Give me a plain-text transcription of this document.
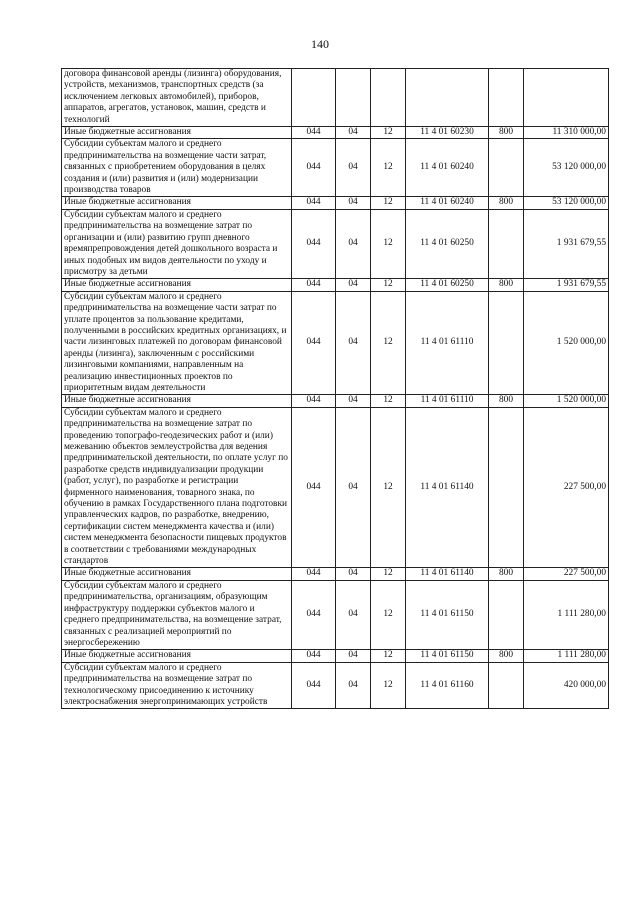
140
договора финансовой аренды (лизинга) оборудования, устройств, механизмов, транспортных средств (за исключением легковых автомобилей), приборов, аппаратов, агрегатов, установок, машин, средств и технологий						
Иные бюджетные ассигнования	044	04	12	11 4 01 60230	800	11 310 000,00
Субсидии субъектам малого и среднего предпринимательства на возмещение части затрат, связанных с приобретением оборудования в целях создания и (или) развития и (или) модернизации производства товаров	044	04	12	11 4 01 60240		53 120 000,00
Иные бюджетные ассигнования	044	04	12	11 4 01 60240	800	53 120 000,00
Субсидии субъектам малого и среднего предпринимательства на возмещение затрат по организации и (или) развитию групп дневного времяпрепровождения детей дошкольного возраста и иных подобных им видов деятельности по уходу и присмотру за детьми	044	04	12	11 4 01 60250		1 931 679,55
Иные бюджетные ассигнования	044	04	12	11 4 01 60250	800	1 931 679,55
Субсидии субъектам малого и среднего предпринимательства на возмещение части затрат по уплате процентов за пользование кредитами, полученными в российских кредитных организациях, и части лизинговых платежей по договорам финансовой аренды (лизинга), заключенным с российскими лизинговыми компаниями, направленным на реализацию инвестиционных проектов по приоритетным видам деятельности	044	04	12	11 4 01 61110		1 520 000,00
Иные бюджетные ассигнования	044	04	12	11 4 01 61110	800	1 520 000,00
Субсидии субъектам малого и среднего предпринимательства на возмещение затрат по проведению топографо-геодезических работ и (или) межеванию объектов землеустройства для ведения предпринимательской деятельности, по оплате услуг по разработке средств индивидуализации продукции (работ, услуг), по разработке и регистрации фирменного наименования, товарного знака, по обучению в рамках Государственного плана подготовки управленческих кадров, по разработке, внедрению, сертификации систем менеджмента качества и (или) систем менеджмента безопасности пищевых продуктов в соответствии с требованиями международных стандартов	044	04	12	11 4 01 61140		227 500,00
Иные бюджетные ассигнования	044	04	12	11 4 01 61140	800	227 500,00
Субсидии субъектам малого и среднего предпринимательства, организациям, образующим инфраструктуру поддержки субъектов малого и среднего предпринимательства, на возмещение затрат, связанных с реализацией мероприятий по энергосбережению	044	04	12	11 4 01 61150		1 111 280,00
Иные бюджетные ассигнования	044	04	12	11 4 01 61150	800	1 111 280,00
Субсидии субъектам малого и среднего предпринимательства на возмещение затрат по технологическому присоединению к источнику электроснабжения энергопринимающих устройств	044	04	12	11 4 01 61160		420 000,00
